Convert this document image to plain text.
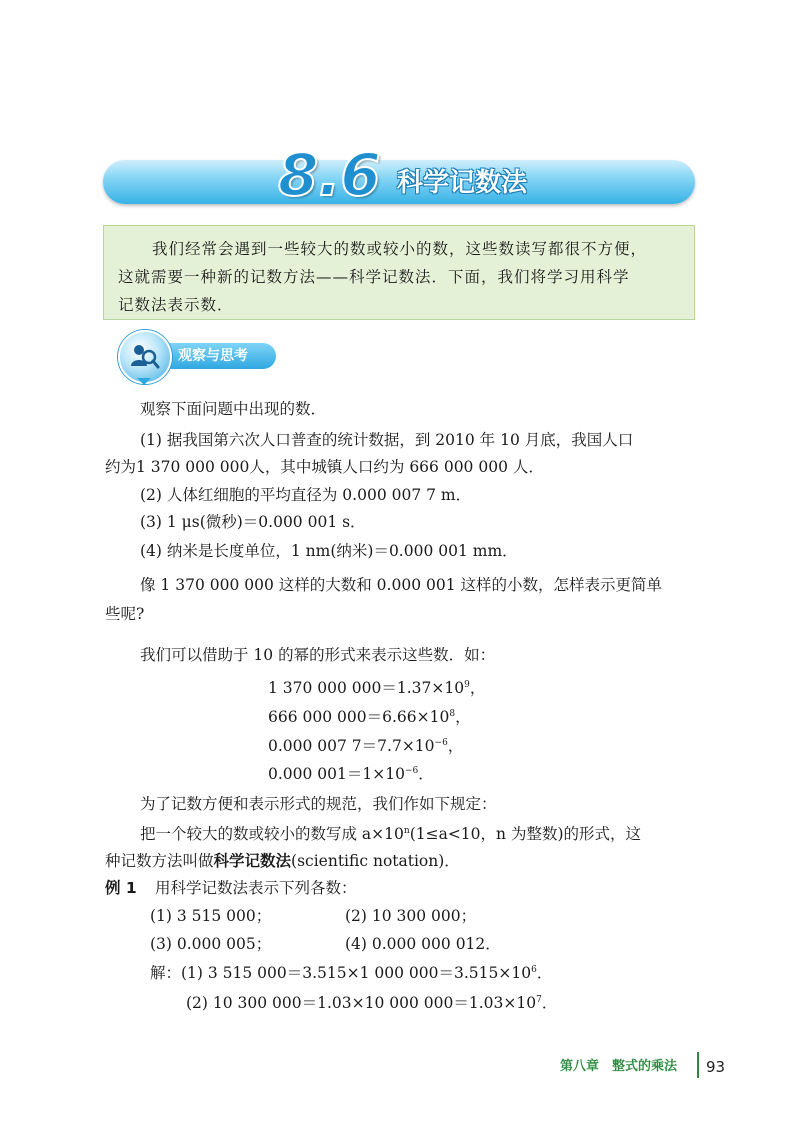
8.6 科学记数法

我们经常会遇到一些较大的数或较小的数，这些数读写都很不方便，

这就需要一种新的记数方法——科学记数法．下面，我们将学习用科学

记数法表示数．

观察与思考
观察下面问题中出现的数．
(1) 据我国第六次人口普查的统计数据，到 2010 年 10 月底，我国人口
约为1 370 000 000人，其中城镇人口约为 666 000 000 人．
(2) 人体红细胞的平均直径为 0.000 007 7 m．
(3) 1 μs(微秒)＝0.000 001 s．
(4) 纳米是长度单位，1 nm(纳米)＝0.000 001 mm．
像 1 370 000 000 这样的大数和 0.000 001 这样的小数，怎样表示更简单
些呢?
我们可以借助于 10 的幂的形式来表示这些数．如：
1 370 000 $000=1.37\times 10^9$，
666 000 $000=6.66\times 10^8$，
0.000 007 $7=7.7\times 10^{-6}$，
0.000 $001=1\times 10^{-6}$．
为了记数方便和表示形式的规范，我们作如下规定：
把一个较大的数或较小的数写成 $a\times 10^n(1\le a<10$，n 为整数)的形式，这
种记数方法叫做科学记数法(scientific notation)．
例 1 用科学记数法表示下列各数：
(1) 3 515 000；	(2) 10 300 000；
(3) 0.000 005；	(4) 0.000 000 012．
解：(1) 3 515 000＝3.515×1 000 $000=3.515\times 10^6$．
(2) 10 300 000＝1.03×10 000 $000=1.03\times 10^7$．
第八章　整式的乘法 93
